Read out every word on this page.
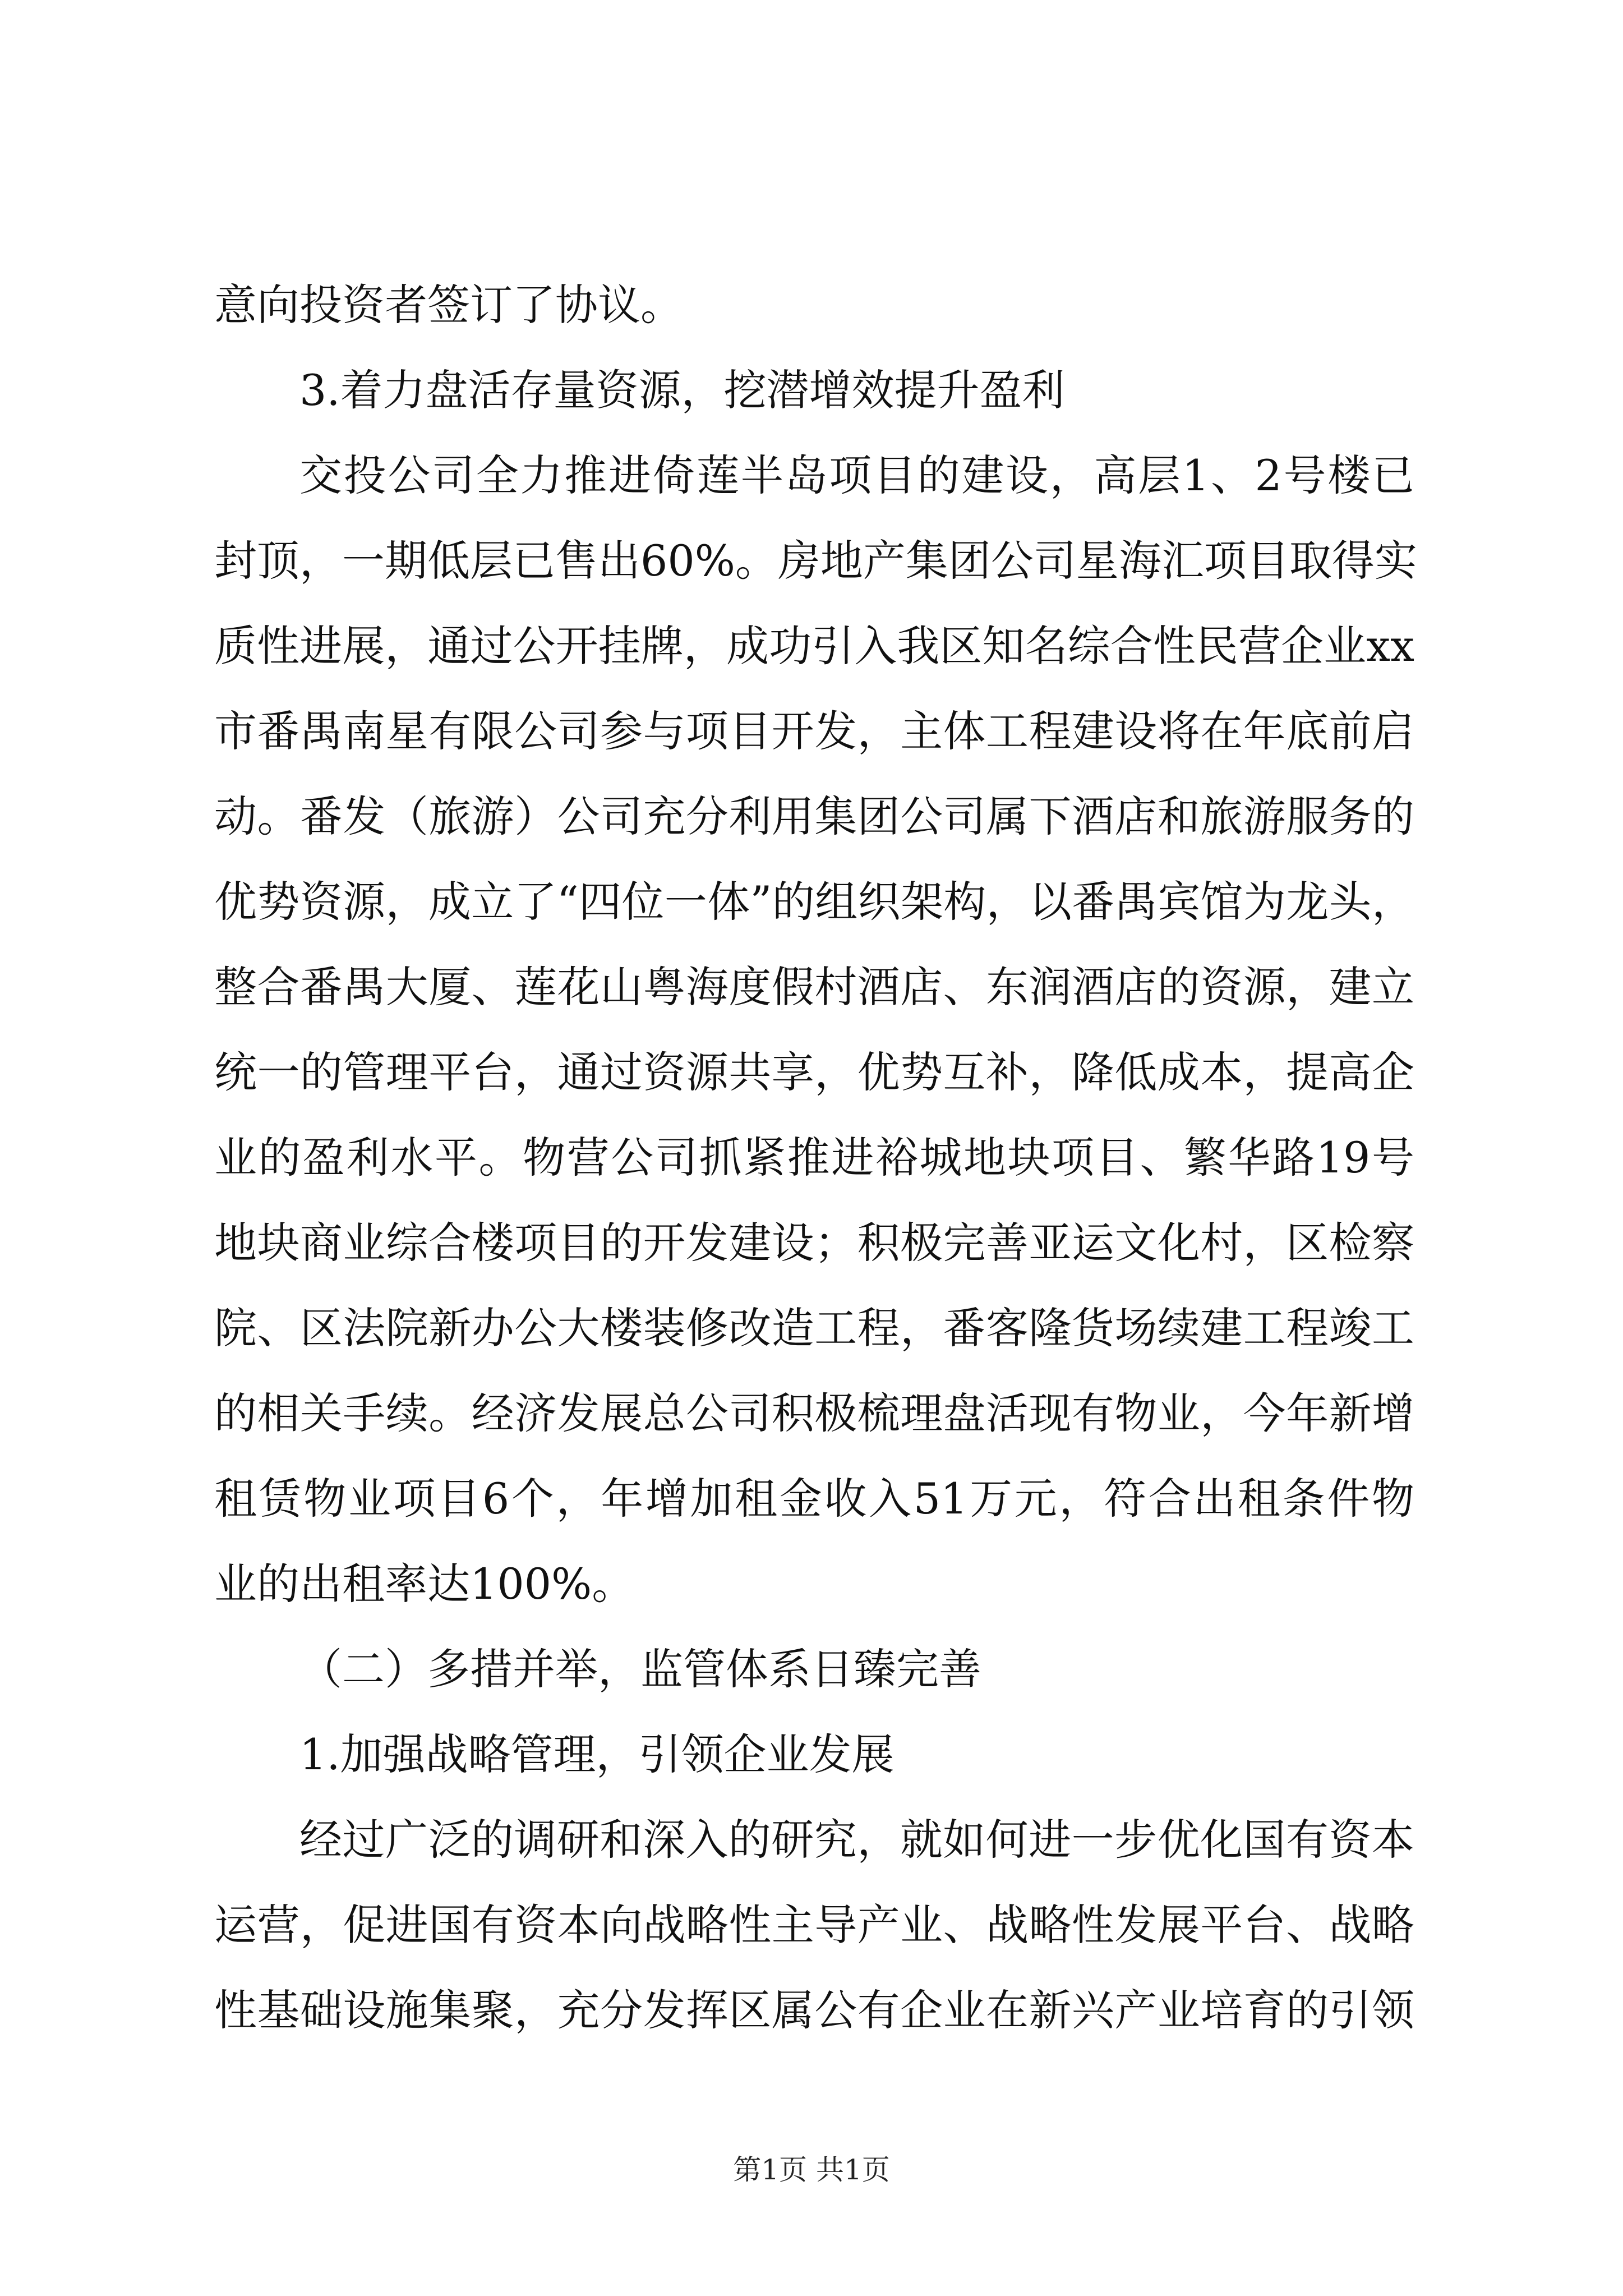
意向投资者签订了协议。
3.着力盘活存量资源，挖潜增效提升盈利
交投公司全力推进倚莲半岛项目的建设，高层1、2号楼已
封顶，一期低层已售出60%。房地产集团公司星海汇项目取得实
质性进展，通过公开挂牌，成功引入我区知名综合性民营企业xx
市番禺南星有限公司参与项目开发，主体工程建设将在年底前启
动。番发（旅游）公司充分利用集团公司属下酒店和旅游服务的
优势资源，成立了“四位一体”的组织架构，以番禺宾馆为龙头，
整合番禺大厦、莲花山粤海度假村酒店、东润酒店的资源，建立
统一的管理平台，通过资源共享，优势互补，降低成本，提高企
业的盈利水平。物营公司抓紧推进裕城地块项目、繁华路19号
地块商业综合楼项目的开发建设；积极完善亚运文化村，区检察
院、区法院新办公大楼装修改造工程，番客隆货场续建工程竣工
的相关手续。经济发展总公司积极梳理盘活现有物业，今年新增
租赁物业项目6个，年增加租金收入51万元，符合出租条件物
业的出租率达100%。
（二）多措并举，监管体系日臻完善
1.加强战略管理，引领企业发展
经过广泛的调研和深入的研究，就如何进一步优化国有资本
运营，促进国有资本向战略性主导产业、战略性发展平台、战略
性基础设施集聚，充分发挥区属公有企业在新兴产业培育的引领
第1页 共1页
